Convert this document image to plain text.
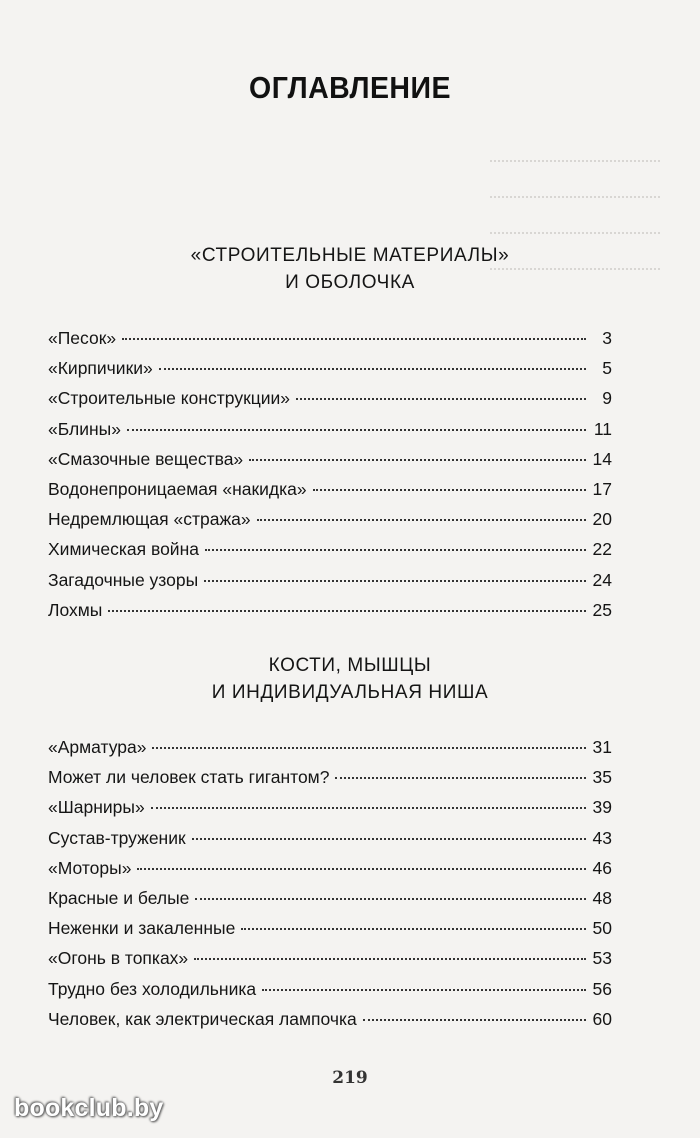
ОГЛАВЛЕНИЕ
«СТРОИТЕЛЬНЫЕ МАТЕРИАЛЫ»
И ОБОЛОЧКА
«Песок»	3
«Кирпичики»	5
«Строительные конструкции»	9
«Блины»	11
«Смазочные вещества»	14
Водонепроницаемая «накидка»	17
Недремлющая «стража»	20
Химическая война	22
Загадочные узоры	24
Лохмы	25
КОСТИ, МЫШЦЫ
И ИНДИВИДУАЛЬНАЯ НИША
«Арматура»	31
Может ли человек стать гигантом?	35
«Шарниры»	39
Сустав-труженик	43
«Моторы»	46
Красные и белые	48
Неженки и закаленные	50
«Огонь в топках»	53
Трудно без холодильника	56
Человек, как электрическая лампочка	60
219
bookclub.by
